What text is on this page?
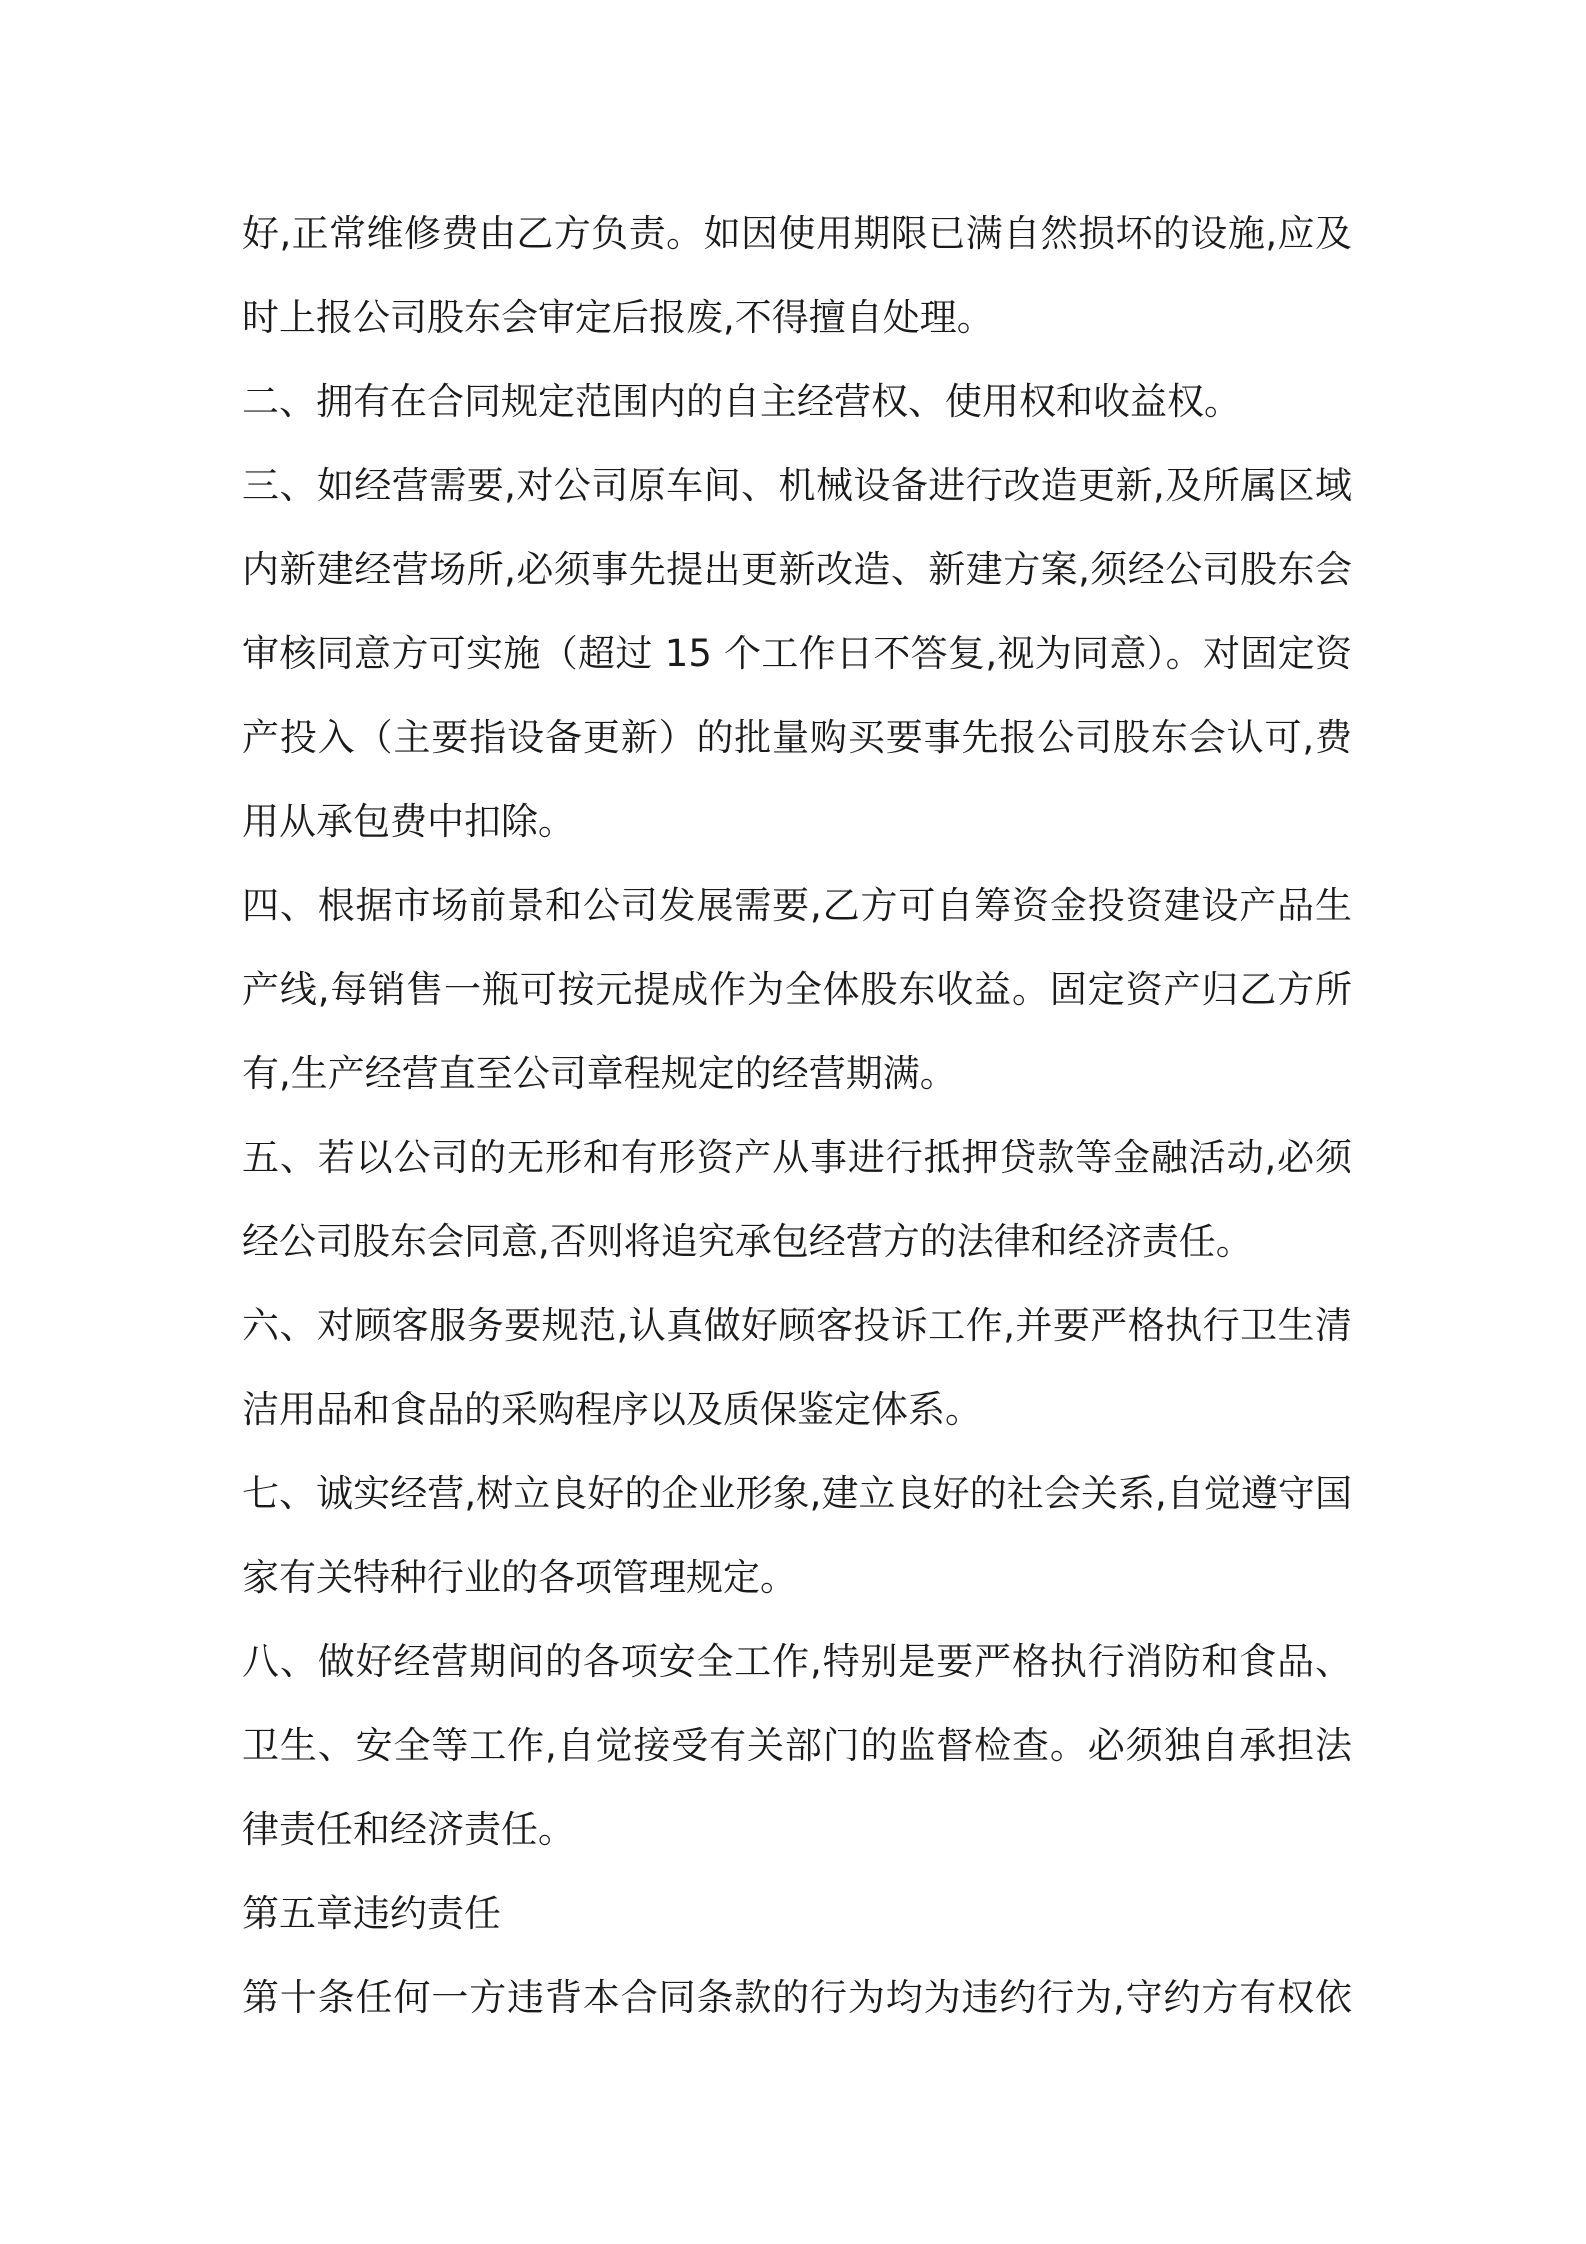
好,正常维修费由乙方负责。如因使用期限已满自然损坏的设施,应及
时上报公司股东会审定后报废,不得擅自处理。
二、拥有在合同规定范围内的自主经营权、使用权和收益权。
三、如经营需要,对公司原车间、机械设备进行改造更新,及所属区域
内新建经营场所,必须事先提出更新改造、新建方案,须经公司股东会
审核同意方可实施（超过 15 个工作日不答复,视为同意）。对固定资
产投入（主要指设备更新）的批量购买要事先报公司股东会认可,费
用从承包费中扣除。
四、根据市场前景和公司发展需要,乙方可自筹资金投资建设产品生
产线,每销售一瓶可按元提成作为全体股东收益。固定资产归乙方所
有,生产经营直至公司章程规定的经营期满。
五、若以公司的无形和有形资产从事进行抵押贷款等金融活动,必须
经公司股东会同意,否则将追究承包经营方的法律和经济责任。
六、对顾客服务要规范,认真做好顾客投诉工作,并要严格执行卫生清
洁用品和食品的采购程序以及质保鉴定体系。
七、诚实经营,树立良好的企业形象,建立良好的社会关系,自觉遵守国
家有关特种行业的各项管理规定。
八、做好经营期间的各项安全工作,特别是要严格执行消防和食品、
卫生、安全等工作,自觉接受有关部门的监督检查。必须独自承担法
律责任和经济责任。
第五章违约责任
第十条任何一方违背本合同条款的行为均为违约行为,守约方有权依
